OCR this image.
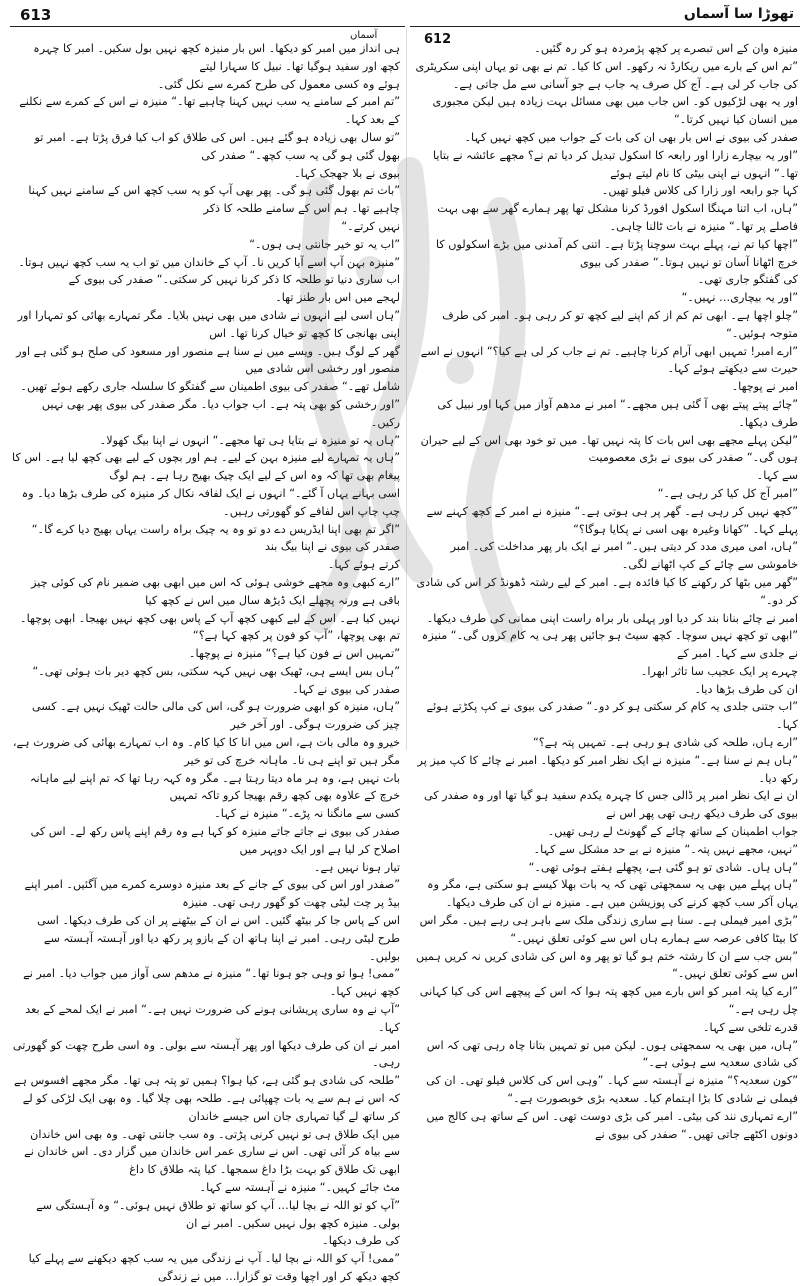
613	تھوڑا سا آسماں
612
آسماں

ہی انداز میں امبر کو دیکھا۔ اس بار منیزہ کچھ نہیں بول سکیں۔ امبر کا چہرہ کچھ اور سفید ہوگیا تھا۔ نبیل کا سہارا لیتے

ہوئے وہ کسی معمول کی طرح کمرے سے نکل گئی۔

”تم امبر کے سامنے یہ سب نہیں کہنا چاہیے تھا۔“ منیزہ نے اس کے کمرے سے نکلنے کے بعد کہا۔

”تو سال بھی زیادہ ہو گئے ہیں۔ اس کی طلاق کو اب کیا فرق پڑتا ہے۔ امبر تو بھول گئی ہو گی یہ سب کچھ۔“ صفدر کی

بیوی نے بلا جھجک کہا۔

”بات تم بھول گئی ہو گی۔ پھر بھی آپ کو یہ سب کچھ اس کے سامنے نہیں کہنا چاہیے تھا۔ ہم اس کے سامنے طلحہ کا ذکر

نہیں کرتے۔“

”اب یہ تو خیر جانتی ہی ہوں۔“

”منیزہ بہن آپ اسے آیا کریں نا۔ آپ کے خاندان میں تو اب یہ سب کچھ نہیں ہوتا۔ اب ساری دنیا تو طلحہ کا ذکر کرنا نہیں کر سکتی۔“ صفدر کی بیوی کے

لہجے میں اس بار طنز تھا۔

”ہاں اسی لیے انہوں نے شادی میں بھی نہیں بلایا۔ مگر تمہارے بھائی کو تمہارا اور اپنی بھانجی کا کچھ تو خیال کرنا تھا۔ اس

گھر کے لوگ ہیں۔ ویسے میں نے سنا ہے منصور اور مسعود کی صلح ہو گئی ہے اور منصور اور رخشی اس شادی میں

شامل تھے۔“ صفدر کی بیوی اطمینان سے گفتگو کا سلسلہ جاری رکھے ہوئے تھیں۔

”اور رخشی کو بھی پتہ ہے۔ اب جواب دیا۔ مگر صفدر کی بیوی پھر بھی نہیں رکیں۔

”ہاں یہ تو منیزہ نے بتایا ہی تھا مجھے۔“ انہوں نے اپنا بیگ کھولا۔

”ہاں یہ تمہارے لیے منیزہ بہن کے لیے۔ ہم اور بچوں کے لیے بھی کچھ لیا ہے۔ اس کا پیغام بھی تھا کہ وہ اس کے لیے ایک چیک بھیج رہا ہے۔ ہم لوگ

اسی بہانے یہاں آ گئے۔“ انہوں نے ایک لفافہ نکال کر منیزہ کی طرف بڑھا دیا۔ وہ چپ چاپ اس لفافے کو گھورتی رہیں۔

”اگر تم بھی اپنا ایڈریس دے دو تو وہ یہ چیک براہ راست یہاں بھیج دیا کرے گا۔“ صفدر کی بیوی نے اپنا بیگ بند

کرتے ہوئے کہا۔

”ارے کبھی وہ مجھے خوشی ہوئی کہ اس میں ابھی بھی ضمیر نام کی کوئی چیز باقی ہے ورنہ پچھلے ایک ڈیڑھ سال میں اس نے کچھ کیا

نہیں کیا ہے۔ اس کے لیے کبھی کچھ آپ کے پاس بھی کچھ نہیں بھیجا۔ ابھی پوچھا۔ تم بھی پوچھا، ”آپ کو فون پر کچھ کہا ہے؟“

”تمہیں اس نے فون کیا ہے؟“ منیزہ نے پوچھا۔

”ہاں بس ایسے ہی، ٹھیک بھی نہیں کہہ سکتی، بس کچھ دیر بات ہوئی تھی۔“ صفدر کی بیوی نے کہا۔

”ہاں، منیزہ کو ابھی ضرورت ہو گی، اس کی مالی حالت ٹھیک نہیں ہے۔ کسی چیز کی ضرورت ہوگی۔ اور آخر خیر

خیرو وہ مالی بات ہے، اس میں انا کا کیا کام۔ وہ اب تمہارے بھائی کی ضرورت ہے، مگر ہیں تو اپنے ہی نا۔ ماہانہ خرچ کی تو خیر

بات نہیں ہے، وہ ہر ماہ دیتا رہتا ہے۔ مگر وہ کہہ رہا تھا کہ تم اپنے لیے ماہانہ خرچ کے علاوہ بھی کچھ رقم بھیجا کرو تاکہ تمہیں

کسی سے مانگنا نہ پڑے۔“ منیزہ نے کہا۔

صفدر کی بیوی نے جاتے جاتے منیزہ کو کہا ہے وہ رقم اپنے پاس رکھ لے۔ اس کی اصلاح کر لیا ہے اور ایک دوپہر میں

تیار ہونا نہیں ہے۔

”صفدر اور اس کی بیوی کے جانے کے بعد منیزہ دوسرے کمرے میں آگئیں۔ امبر اپنے بیڈ پر چت لیٹی چھت کو گھور رہی تھی۔ منیزہ

اس کے پاس جا کر بیٹھ گئیں۔ اس نے ان کے بیٹھنے پر ان کی طرف دیکھا۔ اسی طرح لیٹی رہی۔ امبر نے اپنا ہاتھ ان کے بازو پر رکھ دیا اور آہستہ آہستہ سے بولیں۔

”ممی! ہوا تو وہی جو ہونا تھا۔“ منیزہ نے مدھم سی آواز میں جواب دیا۔ امبر نے کچھ نہیں کہا۔

”آپ نے وہ ساری پریشانی ہونے کی ضرورت نہیں ہے۔“ امبر نے ایک لمحے کے بعد کہا۔

امبر نے ان کی طرف دیکھا اور پھر آہستہ سے بولی۔ وہ اسی طرح چھت کو گھورتی رہی۔

”طلحہ کی شادی ہو گئی ہے، کیا ہوا؟ ہمیں تو پتہ ہی تھا۔ مگر مجھے افسوس ہے کہ اس نے ہم سے یہ بات چھپائی ہے۔ طلحہ بھی چلا گیا۔ وہ بھی ایک لڑکی کو لے کر ساتھ لے گیا تمہاری جان اس جیسے خاندان

میں ایک طلاق ہی تو نہیں کرنی پڑتی۔ وہ سب جانتی تھی۔ وہ بھی اس خاندان سے بیاہ کر آئی تھی۔ اس نے ساری عمر اس خاندان میں گزار دی۔ اس خاندان نے ابھی تک طلاق کو بہت بڑا داغ سمجھا۔ کیا پتہ طلاق کا داغ

مٹ جائے کہیں۔“ منیزہ نے آہستہ سے کہا۔

”آپ کو تو اللہ نے بچا لیا… آپ کو ساتھ تو طلاق نہیں ہوئی۔“ وہ آہستگی سے بولی۔ منیزہ کچھ بول نہیں سکیں۔ امبر نے ان

کی طرف دیکھا۔

”ممی! آپ کو اللہ نے بچا لیا۔ آپ نے زندگی میں یہ سب کچھ دیکھنے سے پہلے کیا کچھ دیکھ کر اور اچھا وقت تو گزارا… میں نے زندگی

منیزہ وان کے اس تبصرے پر کچھ پژمردہ ہو کر رہ گئیں۔

”تم اس کے بارے میں ریکارڈ نہ رکھو۔ اس کا کیا۔ تم نے بھی تو یہاں اپنی سکریٹری کی جاب کر لی ہے۔ آج کل صرف یہ جاب ہے جو آسانی سے مل جاتی ہے۔

اور یہ بھی لڑکیوں کو۔ اس جاب میں بھی مسائل بہت زیادہ ہیں لیکن مجبوری میں انسان کیا نہیں کرتا۔“

صفدر کی بیوی نے اس بار بھی ان کی بات کے جواب میں کچھ نہیں کہا۔

”اور یہ بیچارے زارا اور رابعہ کا اسکول تبدیل کر دیا تم نے؟ مجھے عائشہ نے بتایا تھا۔“ انہوں نے اپنی بیٹی کا نام لیتے ہوئے

کہا جو رابعہ اور زارا کی کلاس فیلو تھیں۔

”ہاں، اب اتنا مہنگا اسکول افورڈ کرنا مشکل تھا پھر ہمارے گھر سے بھی بہت فاصلے پر تھا۔“ منیزہ نے بات ٹالنا چاہی۔

”اچھا کیا تم نے، پہلے بہت سوچنا پڑتا ہے۔ اتنی کم آمدنی میں بڑے اسکولوں کا خرچ اٹھانا آسان تو نہیں ہوتا۔“ صفدر کی بیوی

کی گفتگو جاری تھی۔

”اور یہ بیچاری… نہیں۔“

”چلو اچھا ہے۔ ابھی تم کم از کم اپنے لیے کچھ تو کر رہی ہو۔ امبر کی طرف متوجہ ہوئیں۔“

”ارے امبر! تمہیں ابھی آرام کرنا چاہیے۔ تم نے جاب کر لی ہے کیا؟“ انہوں نے اسے حیرت سے دیکھتے ہوئے کہا۔

امبر نے پوچھا۔

”چائے پیتے پیتے بھی آ گئی ہیں مجھے۔“ امبر نے مدھم آواز میں کہا اور نبیل کی طرف دیکھا۔

”لیکن پہلے مجھے بھی اس بات کا پتہ نہیں تھا۔ میں تو خود بھی اس کے لیے حیران ہوں گی۔“ صفدر کی بیوی نے بڑی معصومیت

سے کہا۔

”امبر آج کل کیا کر رہی ہے۔“

”کچھ نہیں کر رہی ہے۔ گھر پر ہی ہوتی ہے۔“ منیزہ نے امبر کے کچھ کہنے سے پہلے کہا۔ ”کھانا وغیرہ بھی اسی نے پکایا ہوگا؟“

”ہاں، امی میری مدد کر دیتی ہیں۔“ امبر نے ایک بار پھر مداخلت کی۔ امبر خاموشی سے چائے کے کپ اٹھانے لگی۔

”گھر میں بٹھا کر رکھنے کا کیا فائدہ ہے۔ امبر کے لیے رشتہ ڈھونڈ کر اس کی شادی کر دو۔“

امبر نے چائے بنانا بند کر دیا اور پہلی بار براہ راست اپنی ممانی کی طرف دیکھا۔

”ابھی تو کچھ نہیں سوچا۔ کچھ سیٹ ہو جائیں پھر ہی یہ کام کروں گی۔“ منیزہ نے جلدی سے کہا۔ امبر کے

چہرے پر ایک عجیب سا تاثر ابھرا۔

ان کی طرف بڑھا دیا۔

”اب جتنی جلدی یہ کام کر سکتی ہو کر دو۔“ صفدر کی بیوی نے کپ پکڑتے ہوئے کہا۔

”ارے ہاں، طلحہ کی شادی ہو رہی ہے۔ تمہیں پتہ ہے؟“

”ہاں ہم نے سنا ہے۔“ منیزہ نے ایک نظر امبر کو دیکھا۔ امبر نے چائے کا کپ میز پر رکھ دیا۔

ان نے ایک نظر امبر پر ڈالی جس کا چہرہ یکدم سفید ہو گیا تھا اور وہ صفدر کی بیوی کی طرف دیکھ رہی تھی پھر اس نے

جواب اطمینان کے ساتھ چائے کے گھونٹ لے رہی تھیں۔

”نہیں، مجھے نہیں پتہ۔“ منیزہ نے بے حد مشکل سے کہا۔

”ہاں ہاں۔ شادی تو ہو گئی ہے، پچھلے ہفتے ہوئی تھی۔“

”ہاں پہلے میں بھی یہ سمجھتی تھی کہ یہ بات بھلا کیسے ہو سکتی ہے، مگر وہ یہاں آکر سب کچھ کرنے کی پوزیشن میں ہے۔ منیزہ نے ان کی طرف دیکھا۔

”بڑی امیر فیملی ہے۔ سنا ہے ساری زندگی ملک سے باہر ہی رہے ہیں۔ مگر اس کا بیٹا کافی عرصہ سے ہمارے ہاں اس سے کوئی تعلق نہیں۔“

”بس جب سے ان کا رشتہ ختم ہو گیا تو پھر وہ اس کی شادی کریں نہ کریں ہمیں اس سے کوئی تعلق نہیں۔“

”ارے کیا پتہ امبر کو اس بارے میں کچھ پتہ ہوا کہ اس کے پیچھے اس کی کیا کہانی چل رہی ہے۔“

قدرے تلخی سے کہا۔

”ہاں، میں بھی یہ سمجھتی ہوں۔ لیکن میں تو تمہیں بتانا چاہ رہی تھی کہ اس کی شادی سعدیہ سے ہوئی ہے۔“

”کون سعدیہ؟“ منیزہ نے آہستہ سے کہا۔ ”وہی اس کی کلاس فیلو تھی۔ ان کی فیملی نے شادی کا بڑا اہتمام کیا۔ سعدیہ بڑی خوبصورت ہے۔“

”ارے تمہاری نند کی بیٹی۔ امبر کی بڑی دوست تھی۔ اس کے ساتھ ہی کالج میں دونوں اکٹھے جاتی تھیں۔“ صفدر کی بیوی نے
